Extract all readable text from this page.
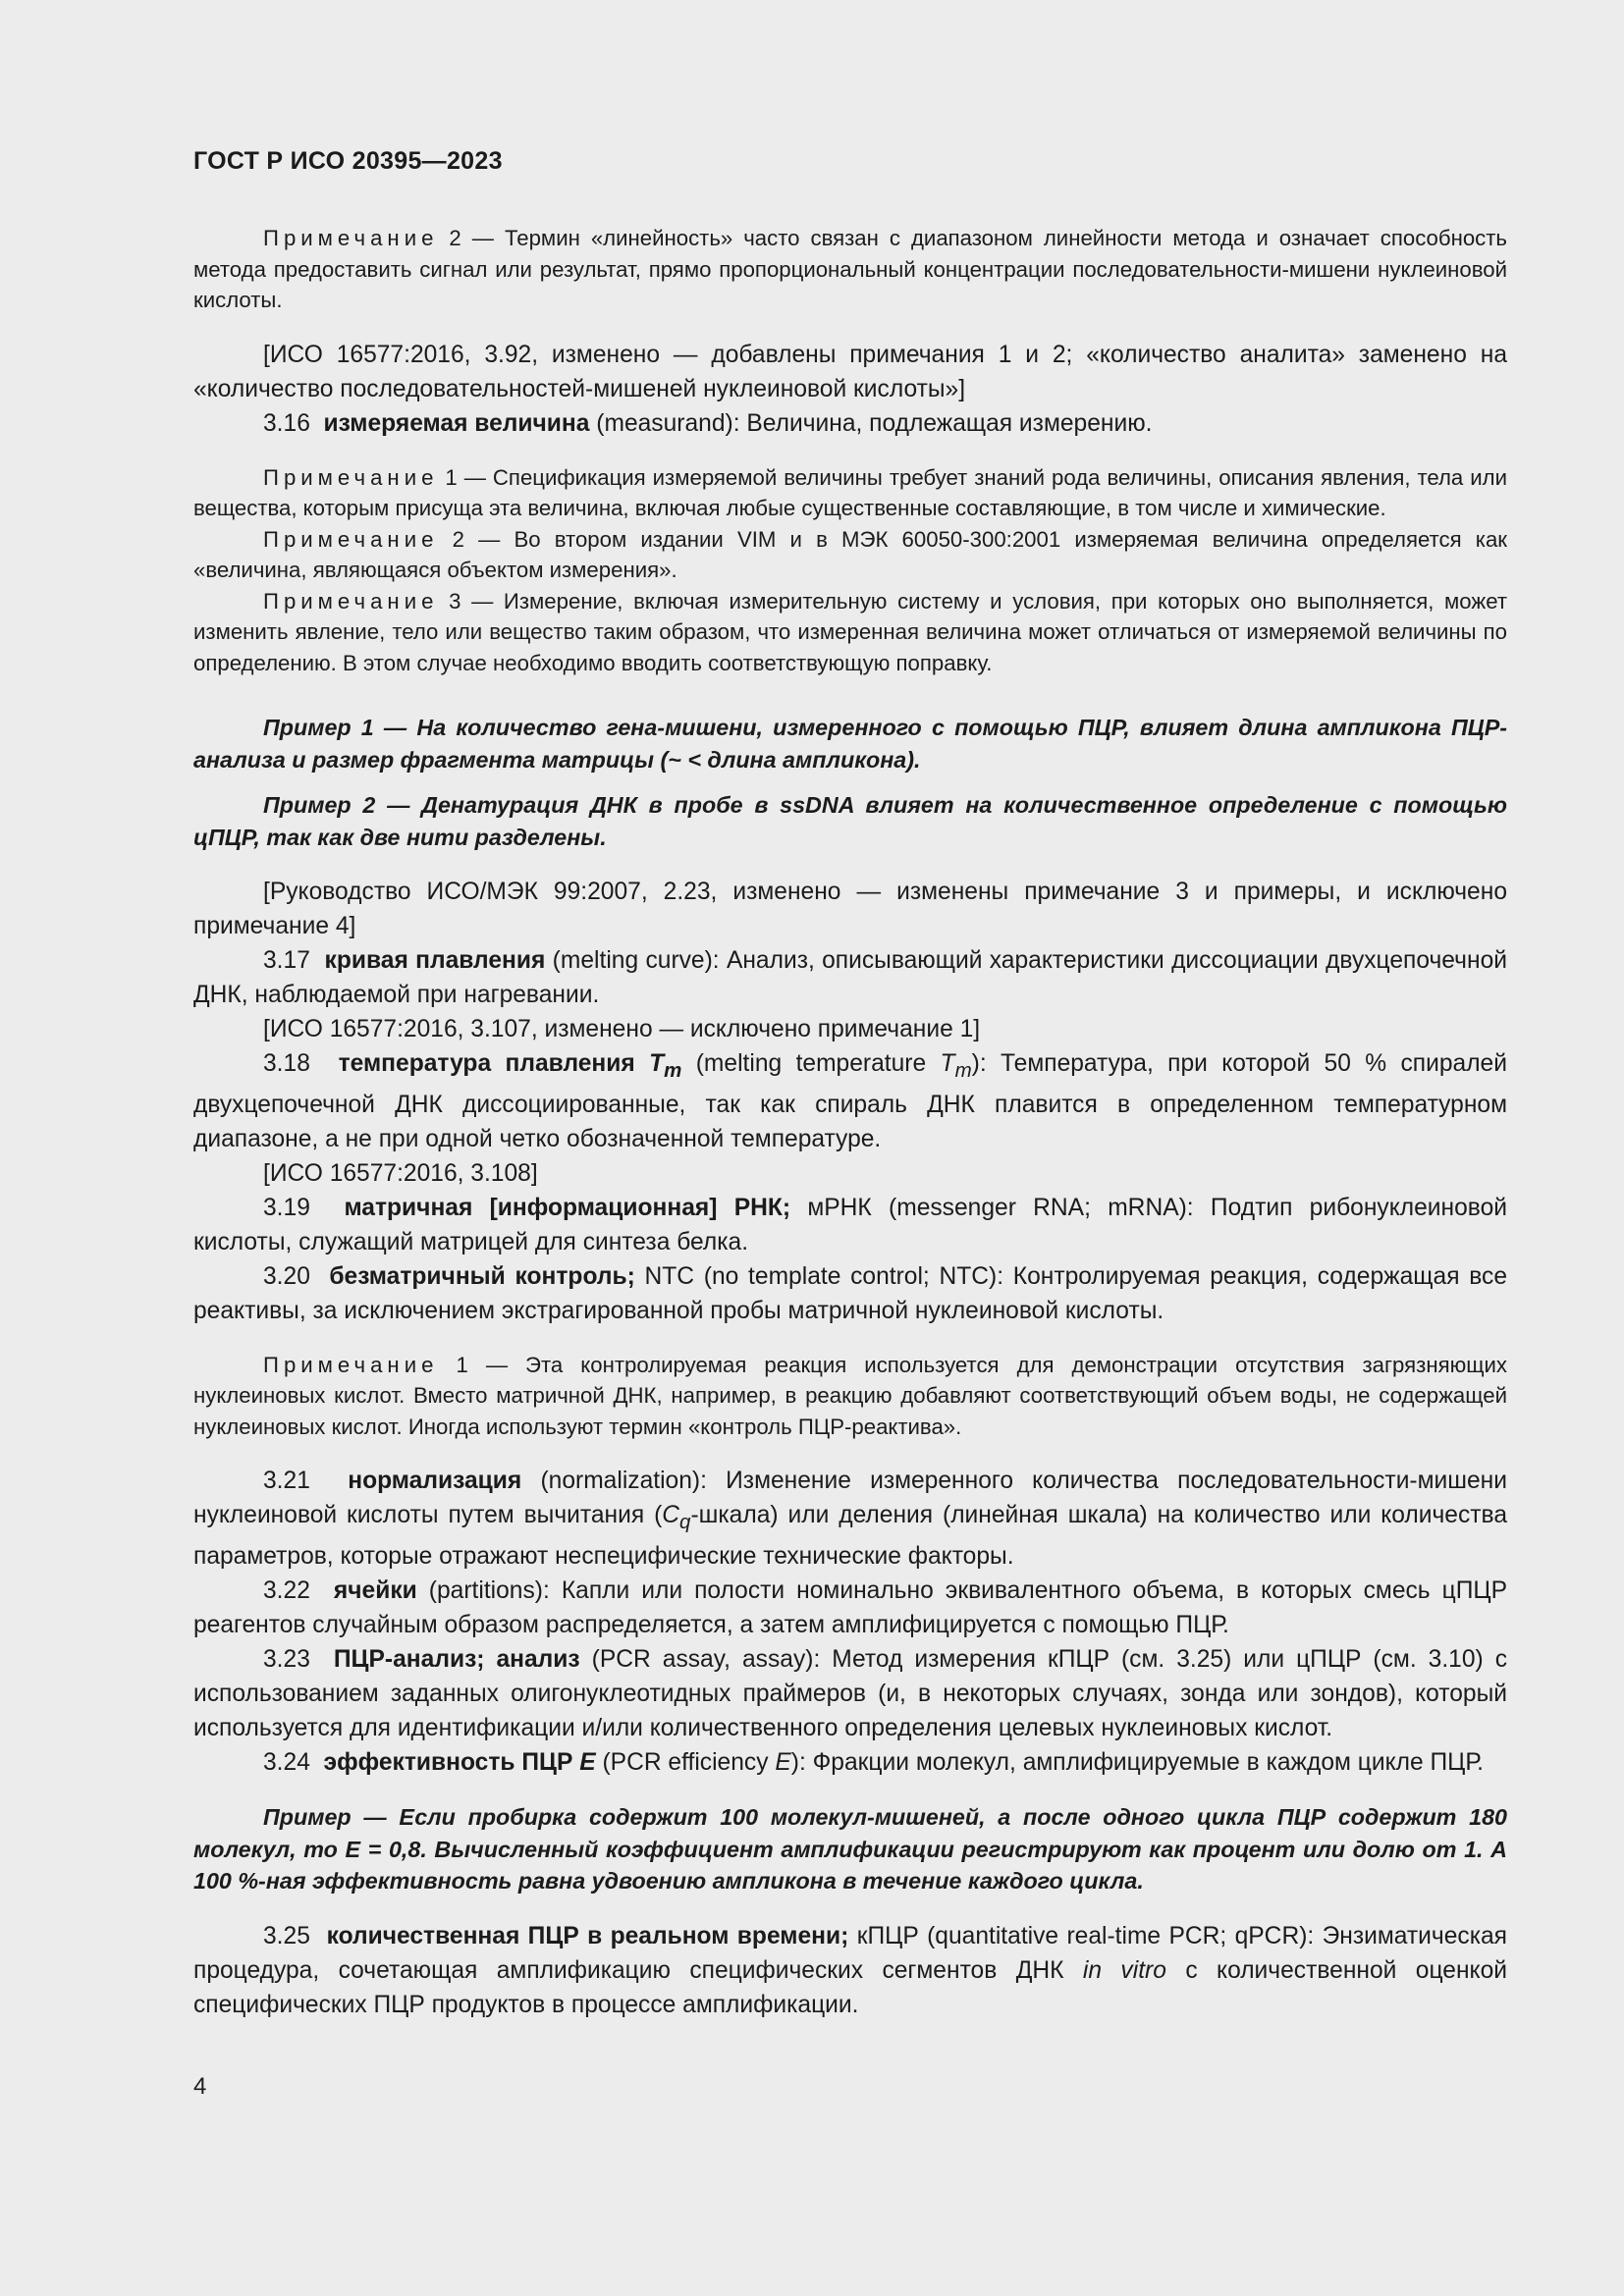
ГОСТ Р ИСО 20395—2023

Примечание 2 — Термин «линейность» часто связан с диапазоном линейности метода и означает способность метода предоставить сигнал или результат, прямо пропорциональный концентрации последовательности-мишени нуклеиновой кислоты.

[ИСО 16577:2016, 3.92, изменено — добавлены примечания 1 и 2; «количество аналита» заменено на «количество последовательностей-мишеней нуклеиновой кислоты»]

3.16 измеряемая величина (measurand): Величина, подлежащая измерению.

Примечание 1 — Спецификация измеряемой величины требует знаний рода величины, описания явления, тела или вещества, которым присуща эта величина, включая любые существенные составляющие, в том числе и химические.

Примечание 2 — Во втором издании VIM и в МЭК 60050-300:2001 измеряемая величина определяется как «величина, являющаяся объектом измерения».

Примечание 3 — Измерение, включая измерительную систему и условия, при которых оно выполняется, может изменить явление, тело или вещество таким образом, что измеренная величина может отличаться от измеряемой величины по определению. В этом случае необходимо вводить соответствующую поправку.

Пример 1 — На количество гена-мишени, измеренного с помощью ПЦР, влияет длина ампликона ПЦР-анализа и размер фрагмента матрицы (~ < длина ампликона).

Пример 2 — Денатурация ДНК в пробе в ssDNA влияет на количественное определение с помощью цПЦР, так как две нити разделены.

[Руководство ИСО/МЭК 99:2007, 2.23, изменено — изменены примечание 3 и примеры, и исключено примечание 4]

3.17 кривая плавления (melting curve): Анализ, описывающий характеристики диссоциации двухцепочечной ДНК, наблюдаемой при нагревании.

[ИСО 16577:2016, 3.107, изменено — исключено примечание 1]

3.18 температура плавления $T_m$ (melting temperature $T_m$): Температура, при которой 50 % спиралей двухцепочечной ДНК диссоциированные, так как спираль ДНК плавится в определенном температурном диапазоне, а не при одной четко обозначенной температуре.

[ИСО 16577:2016, 3.108]

3.19 матричная [информационная] РНК; мРНК (messenger RNA; mRNA): Подтип рибонуклеиновой кислоты, служащий матрицей для синтеза белка.

3.20 безматричный контроль; NTC (no template control; NTC): Контролируемая реакция, содержащая все реактивы, за исключением экстрагированной пробы матричной нуклеиновой кислоты.

Примечание 1 — Эта контролируемая реакция используется для демонстрации отсутствия загрязняющих нуклеиновых кислот. Вместо матричной ДНК, например, в реакцию добавляют соответствующий объем воды, не содержащей нуклеиновых кислот. Иногда используют термин «контроль ПЦР-реактива».

3.21 нормализация (normalization): Изменение измеренного количества последовательности-мишени нуклеиновой кислоты путем вычитания $(C_q-шкала)$ или деления (линейная шкала) на количество или количества параметров, которые отражают неспецифические технические факторы.

3.22 ячейки (partitions): Капли или полости номинально эквивалентного объема, в которых смесь цПЦР реагентов случайным образом распределяется, а затем амплифицируется с помощью ПЦР.

3.23 ПЦР-анализ; анализ (PCR assay, assay): Метод измерения кПЦР (см. 3.25) или цПЦР (см. 3.10) с использованием заданных олигонуклеотидных праймеров (и, в некоторых случаях, зонда или зондов), который используется для идентификации и/или количественного определения целевых нуклеиновых кислот.

3.24 эффективность ПЦР E (PCR efficiency E): Фракции молекул, амплифицируемые в каждом цикле ПЦР.

Пример — Если пробирка содержит 100 молекул-мишеней, а после одного цикла ПЦР содержит 180 молекул, то Е = 0,8. Вычисленный коэффициент амплификации регистрируют как процент или долю от 1. А 100 %-ная эффективность равна удвоению ампликона в течение каждого цикла.

3.25 количественная ПЦР в реальном времени; кПЦР (quantitative real-time PCR; qPCR): Энзиматическая процедура, сочетающая амплификацию специфических сегментов ДНК in vitro с количественной оценкой специфических ПЦР продуктов в процессе амплификации.

4
